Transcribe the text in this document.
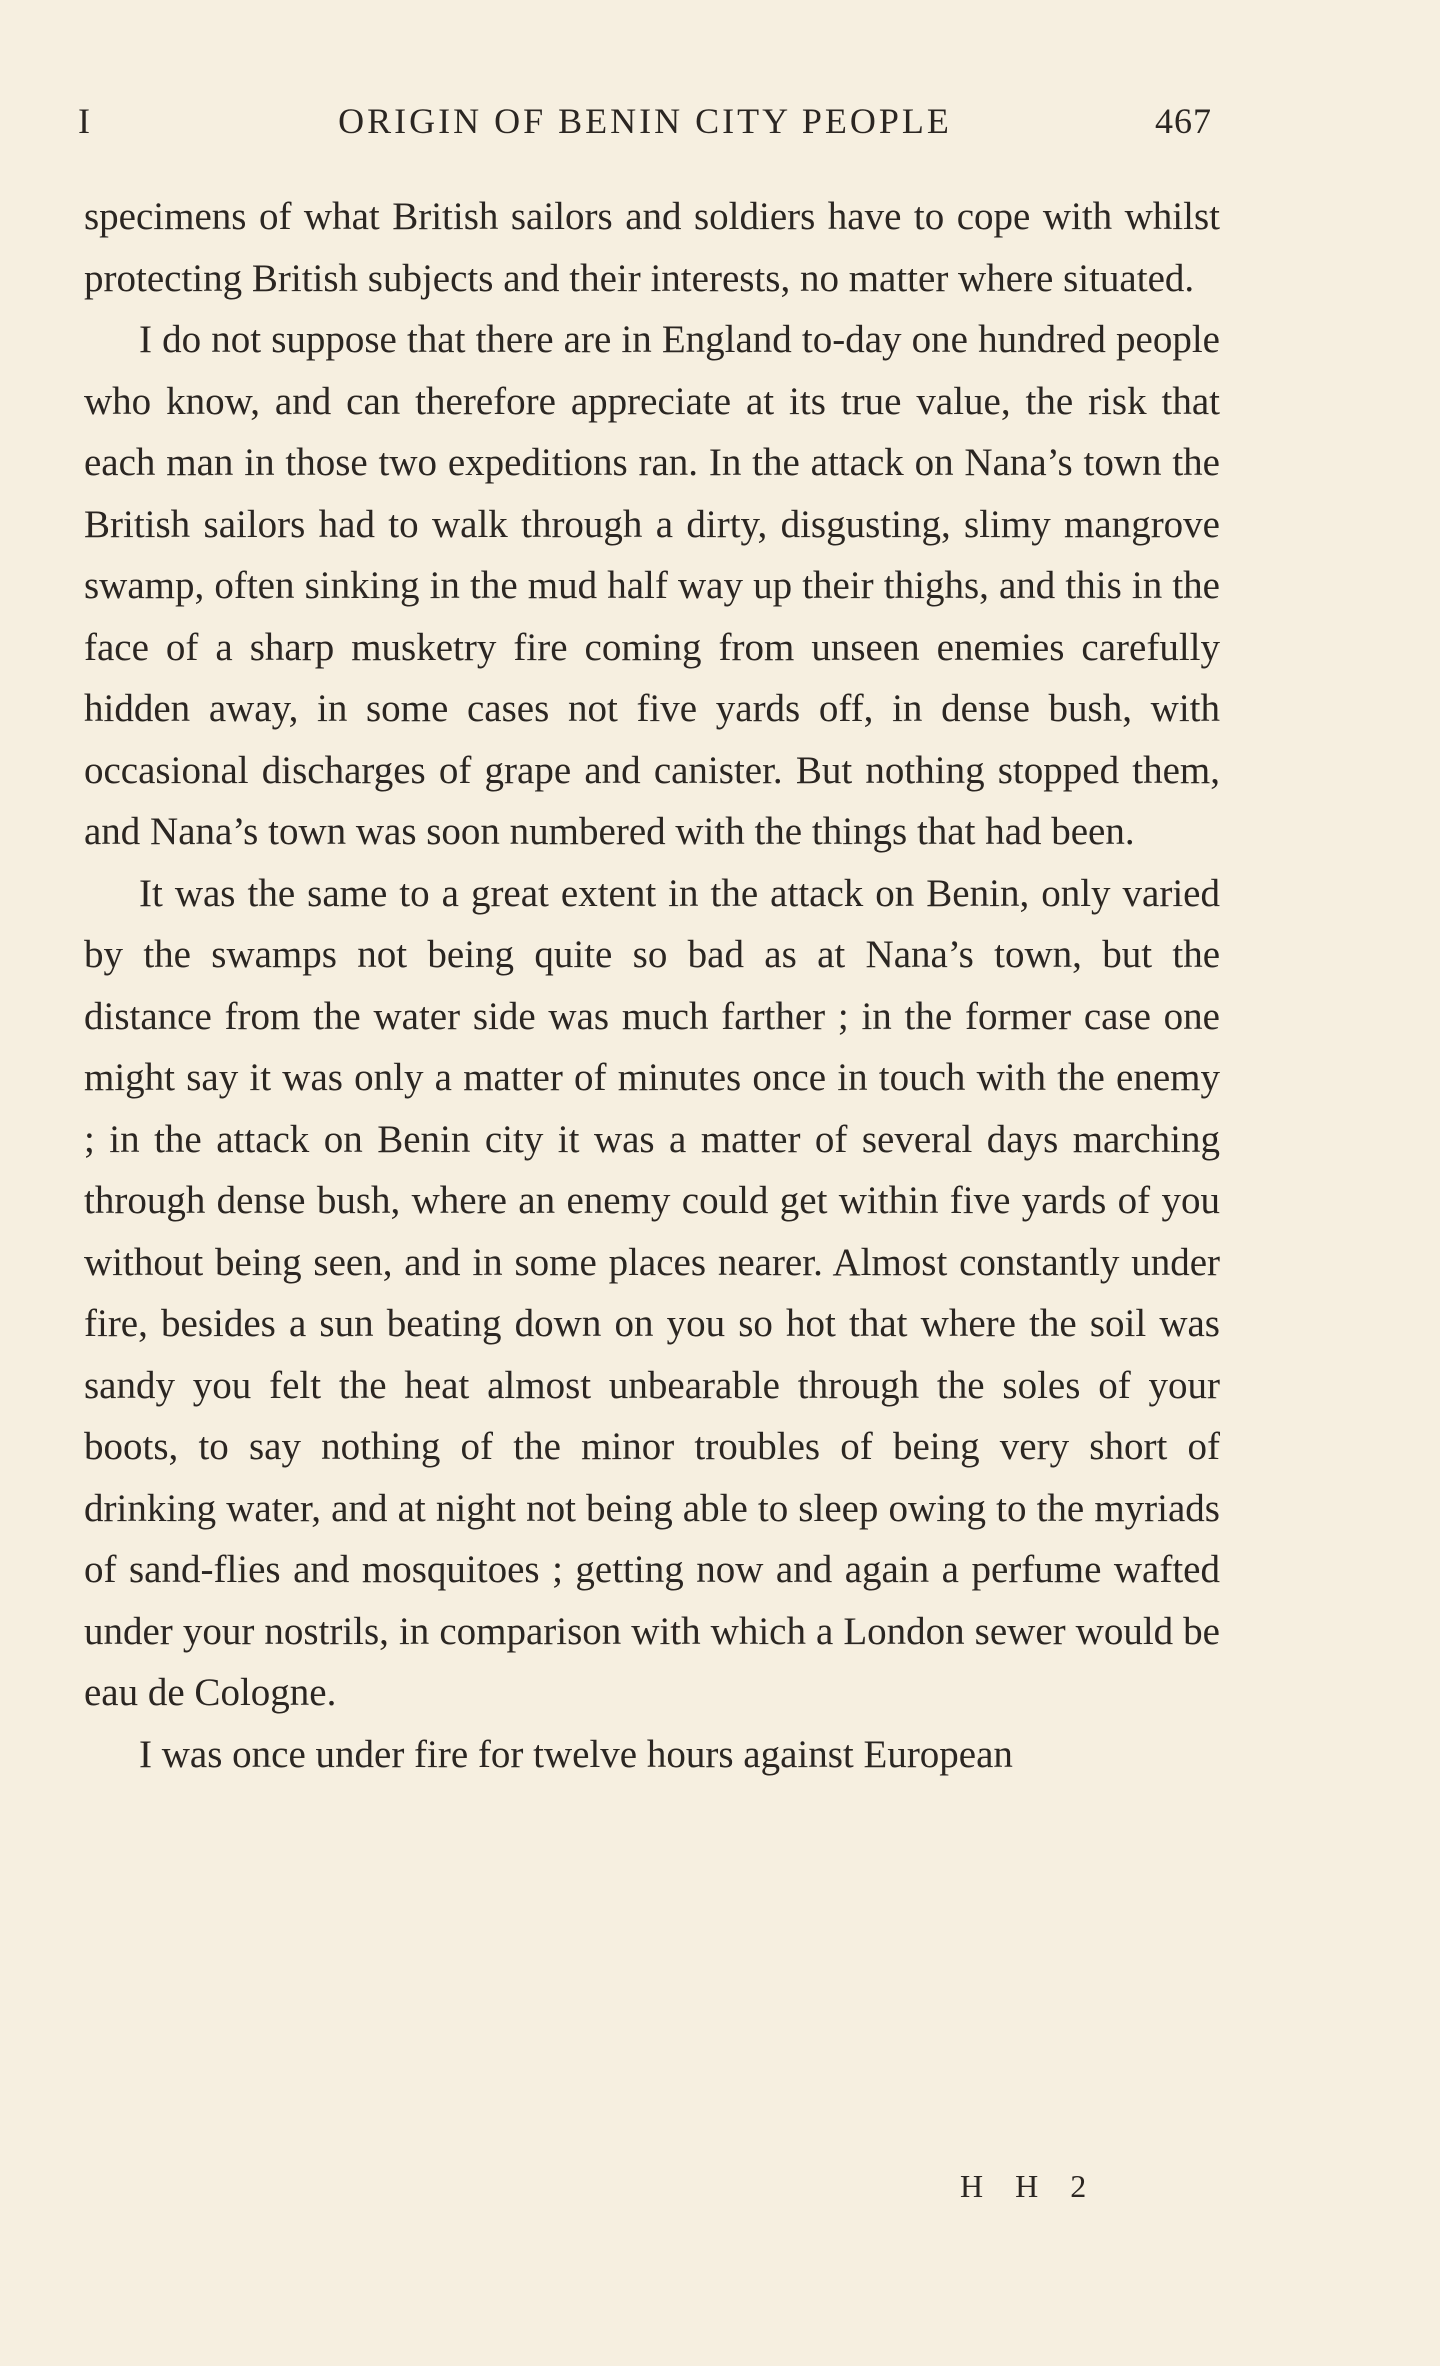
I	ORIGIN OF BENIN CITY PEOPLE	467

specimens of what British sailors and soldiers have to cope with whilst protecting British subjects and their interests, no matter where situated.

I do not suppose that there are in England to-day one hundred people who know, and can therefore appreciate at its true value, the risk that each man in those two expeditions ran. In the attack on Nana’s town the British sailors had to walk through a dirty, disgusting, slimy mangrove swamp, often sinking in the mud half way up their thighs, and this in the face of a sharp musketry fire coming from unseen enemies carefully hidden away, in some cases not five yards off, in dense bush, with occasional discharges of grape and canister. But nothing stopped them, and Nana’s town was soon numbered with the things that had been.

It was the same to a great extent in the attack on Benin, only varied by the swamps not being quite so bad as at Nana’s town, but the distance from the water side was much farther ; in the former case one might say it was only a matter of minutes once in touch with the enemy ; in the attack on Benin city it was a matter of several days marching through dense bush, where an enemy could get within five yards of you without being seen, and in some places nearer. Almost constantly under fire, besides a sun beating down on you so hot that where the soil was sandy you felt the heat almost unbearable through the soles of your boots, to say nothing of the minor troubles of being very short of drinking water, and at night not being able to sleep owing to the myriads of sand-flies and mosquitoes ; getting now and again a perfume wafted under your nostrils, in comparison with which a London sewer would be eau de Cologne.

I was once under fire for twelve hours against European

H H 2
